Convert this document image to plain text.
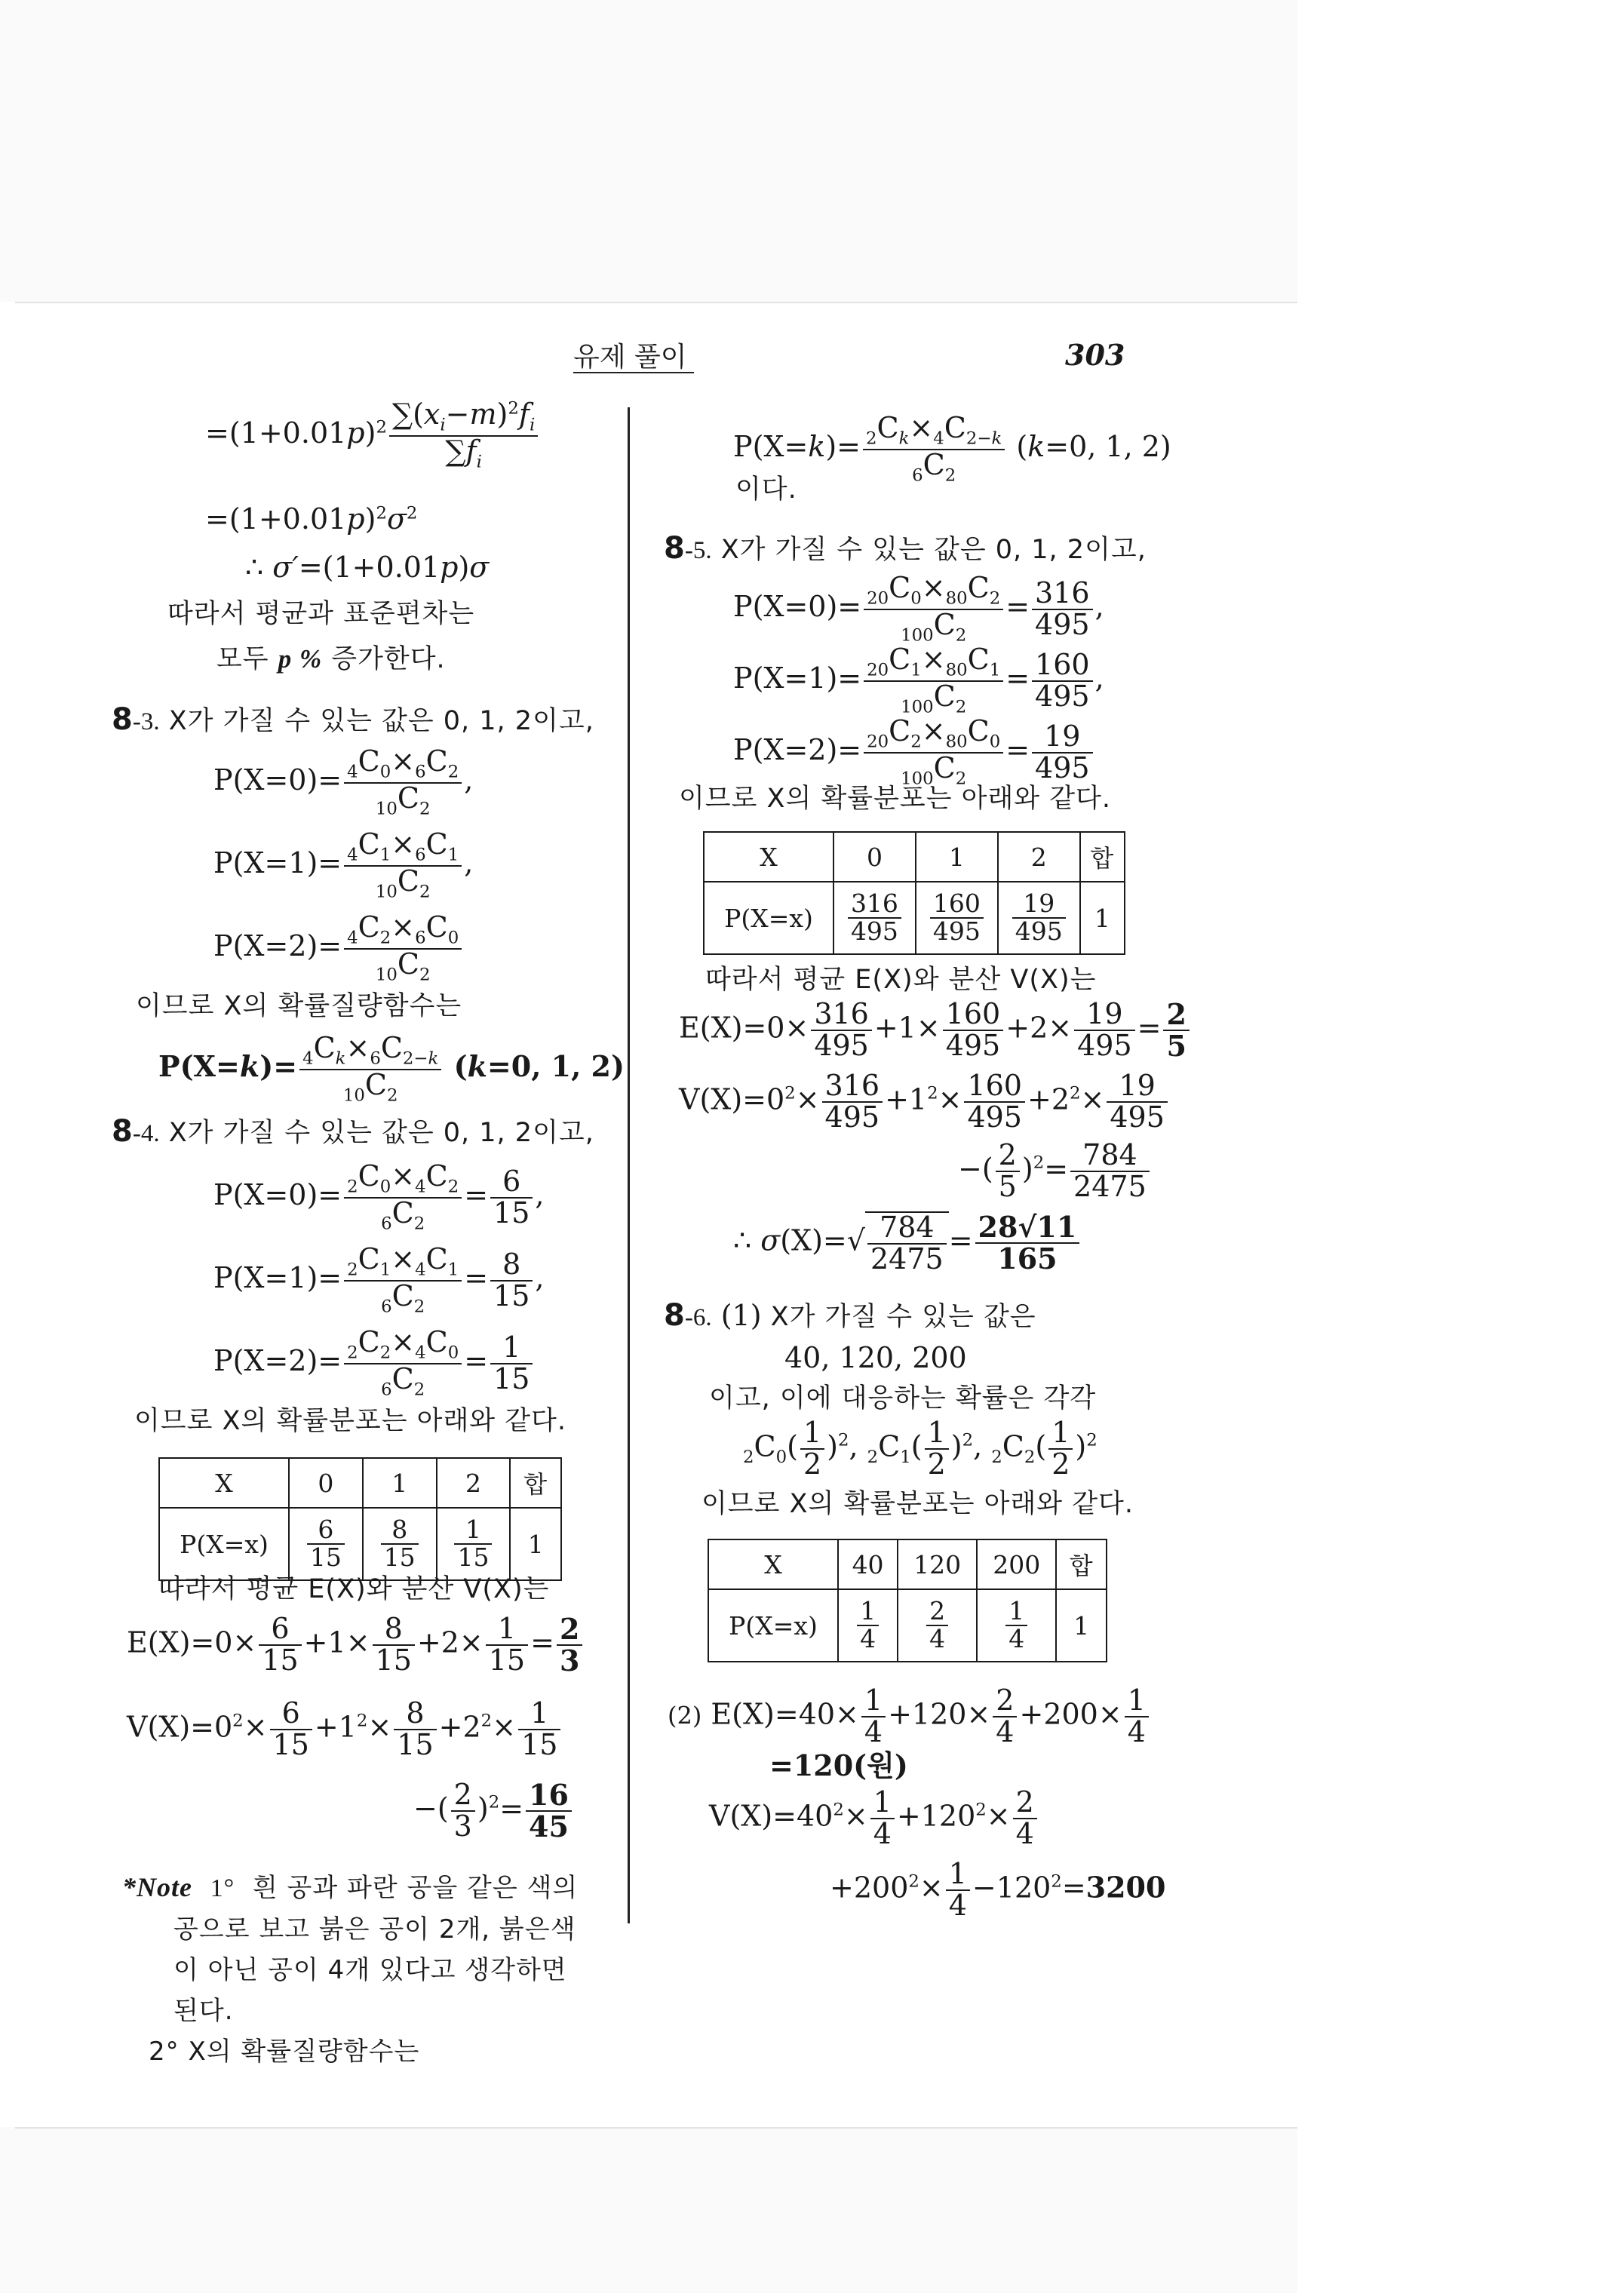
유제 풀이	303
$=(1+0.01p)^2 \frac{\sum(x_i-m)^2f_i}{\sum f_i}$
$=(1+0.01p)^2\sigma^2$
∴ σ′=(1+0.01p)σ
따라서 평균과 표준편차는
모두 p % 증가한다.
8-3. X가 가질 수 있는 값은 0, 1, 2이고,
$P(X=0)= \frac{_4C_0\times_6C_2}{_{10}C_2}$ ,
$P(X=1)= \frac{_4C_1\times_6C_1}{_{10}C_2}$ ,
$P(X=2)= \frac{_4C_2\times_6C_0}{_{10}C_2}$
이므로 X의 확률질량함수는
$P(X=k)= \frac{_4C_k\times_6C_{2-k}}{_{10}C_2} (k=0$, 1, 2)
8-4. X가 가질 수 있는 값은 0, 1, 2이고,
$P(X=0)= \frac{_2C_0\times_4C_2}{_6C_2} = \frac{6}{15}$ ,
$P(X=1)= \frac{_2C_1\times_4C_1}{_6C_2} = \frac{8}{15}$ ,
$P(X=2)= \frac{_2C_2\times_4C_0}{_6C_2} = \frac{1}{15}$
이므로 X의 확률분포는 아래와 같다.
X	0	1	2	합
P(X=x)	$\frac{6}{15}$	$\frac{8}{15}$	$\frac{1}{15}$	1
따라서 평균 E(X)와 분산 V(X)는
$E(X)=0\times \frac{6}{15} +1\times \frac{8}{15} +2\times \frac{1}{15} = \frac{2}{3}$
$V(X)=0^2\times \frac{6}{15} +1^2\times \frac{8}{15} +2^2\times \frac{1}{15}$
−( $\frac{2}{3} )^2= \frac{16}{45}$
*Note 1° 흰 공과 파란 공을 같은 색의
공으로 보고 붉은 공이 2개, 붉은색
이 아닌 공이 4개 있다고 생각하면
된다.
2° X의 확률질량함수는
$P(X=k)= \frac{_2C_k\times_4C_{2-k}}{_6C_2} (k=0$, 1, 2)
이다.
8-5. X가 가질 수 있는 값은 0, 1, 2이고,
$P(X=0)= \frac{_{20}C_0\times_{80}C_2}{_{100}C_2} = \frac{316}{495}$ ,
$P(X=1)= \frac{_{20}C_1\times_{80}C_1}{_{100}C_2} = \frac{160}{495}$ ,
$P(X=2)= \frac{_{20}C_2\times_{80}C_0}{_{100}C_2} = \frac{19}{495}$
이므로 X의 확률분포는 아래와 같다.
X	0	1	2	합
P(X=x)	$\frac{316}{495}$	$\frac{160}{495}$	$\frac{19}{495}$	1
따라서 평균 E(X)와 분산 V(X)는
$E(X)=0\times \frac{316}{495} +1\times \frac{160}{495} +2\times \frac{19}{495} = \frac{2}{5}$
$V(X)=0^2\times \frac{316}{495} +1^2\times \frac{160}{495} +2^2\times \frac{19}{495}$
−( $\frac{2}{5} )^2= \frac{784}{2475}$
∴ $\sigma(X)=√ \frac{784}{2475} = \frac{28√11}{165}$
8-6. (1) X가 가질 수 있는 값은
40, 120, 200
이고, 이에 대응하는 확률은 각각
$_2C_0( \frac{1}{2} )^2$, $_2C_1( \frac{1}{2} )^2$, $_2C_2( \frac{1}{2} )^2$
이므로 X의 확률분포는 아래와 같다.
X	40	120	200	합
P(X=x)	$\frac{1}{4}$	$\frac{2}{4}$	$\frac{1}{4}$	1
(2) $E(X)=40\times \frac{1}{4} +120\times \frac{2}{4} +200\times \frac{1}{4}$
=120(원)
$V(X)=40^2\times \frac{1}{4} +120^2\times \frac{2}{4}$
$+200^2\times \frac{1}{4} -120^2=3200$
